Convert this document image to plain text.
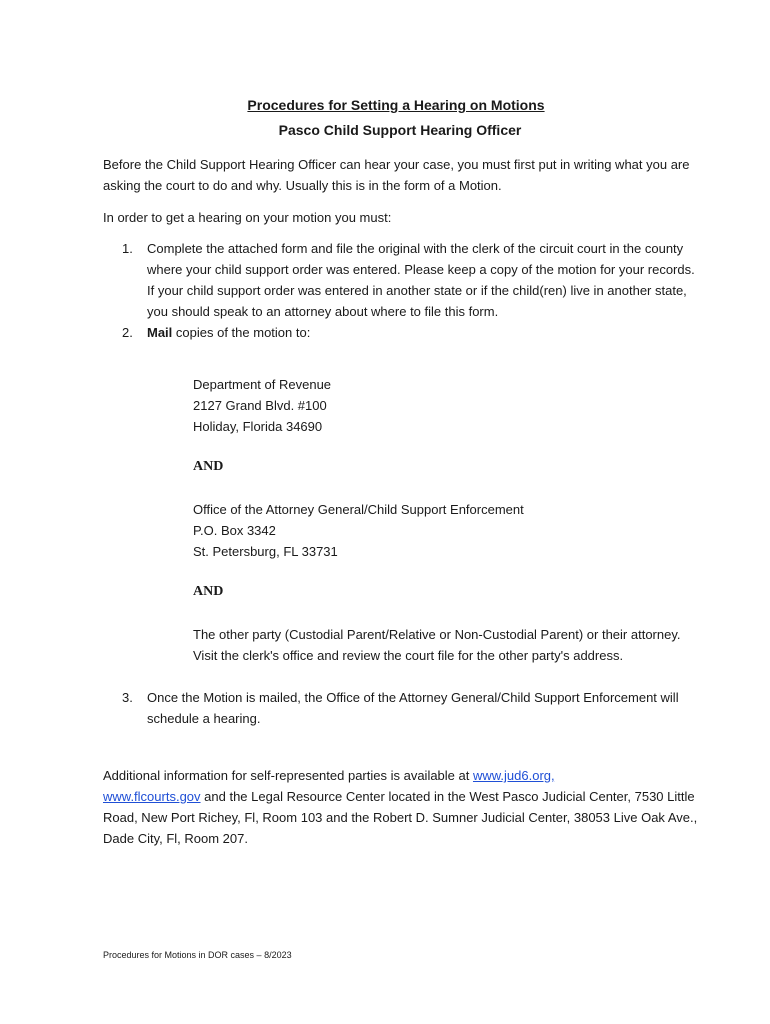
Procedures for Setting a Hearing on Motions
Pasco Child Support Hearing Officer
Before the Child Support Hearing Officer can hear your case, you must first put in writing what you are asking the court to do and why. Usually this is in the form of a Motion.
In order to get a hearing on your motion you must:
1.	Complete the attached form and file the original with the clerk of the circuit court in the county where your child support order was entered. Please keep a copy of the motion for your records. If your child support order was entered in another state or if the child(ren) live in another state, you should speak to an attorney about where to file this form.
2.	Mail copies of the motion to:
Department of Revenue
2127 Grand Blvd. #100
Holiday, Florida 34690
AND
Office of the Attorney General/Child Support Enforcement
P.O. Box 3342
St. Petersburg, FL 33731
AND
The other party (Custodial Parent/Relative or Non-Custodial Parent) or their attorney. Visit the clerk's office and review the court file for the other party's address.
3.	Once the Motion is mailed, the Office of the Attorney General/Child Support Enforcement will schedule a hearing.
Additional information for self-represented parties is available at www.jud6.org,
www.flcourts.gov and the Legal Resource Center located in the West Pasco Judicial Center, 7530 Little Road, New Port Richey, Fl, Room 103 and the Robert D. Sumner Judicial Center, 38053 Live Oak Ave., Dade City, Fl, Room 207.
Procedures for Motions in DOR cases – 8/2023
